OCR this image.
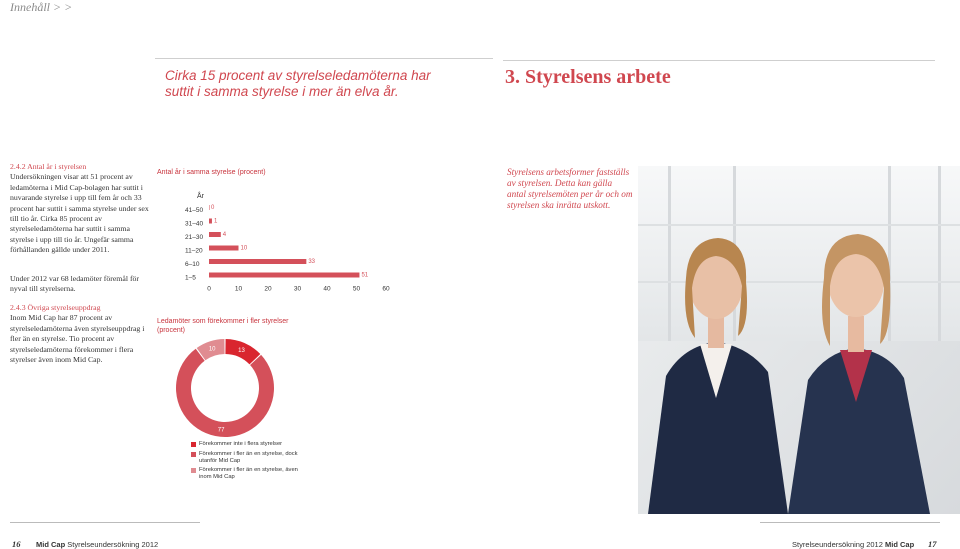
Innehåll > >
Cirka 15 procent av styrelseledamöterna har suttit i samma styrelse i mer än elva år.
3. Styrelsens arbete
2.4.2 Antal år i styrelsen
Undersökningen visar att 51 procent av ledamöterna i Mid Cap-bolagen har suttit i nuvarande styrelse i upp till fem år och 33 procent har suttit i samma styrelse under sex till tio år. Cirka 85 procent av styrelseledamöterna har suttit i samma styrelse i upp till tio år. Ungefär samma förhållanden gällde under 2011.
Under 2012 var 68 ledamöter föremål för nyval till styrelserna.
2.4.3 Övriga styrelseuppdrag
Inom Mid Cap har 87 procent av styrelseledamöterna även styrelseuppdrag i fler än en styrelse. Tio procent av styrelseledamöterna förekommer i flera styrelser även inom Mid Cap.
Antal år i samma styrelse (procent)
År
41–50 0
31–40 1
21–30	4
11–20	10
6–10	33
1–5	51
0	10	20	30	40	50	60
Ledamöter som förekommer i fler styrelser (procent)
13
77
10
Förekommer inte i flera styrelser
Förekommer i fler än en styrelse, dock utanför Mid Cap
Förekommer i fler än en styrelse, även inom Mid Cap
Styrelsens arbetsformer fastställs av styrelsen. Detta kan gälla antal styrelsemöten per år och om styrelsen ska inrätta utskott.
16 Mid Cap Styrelseundersökning 2012	Styrelseundersökning 2012 Mid Cap 17
